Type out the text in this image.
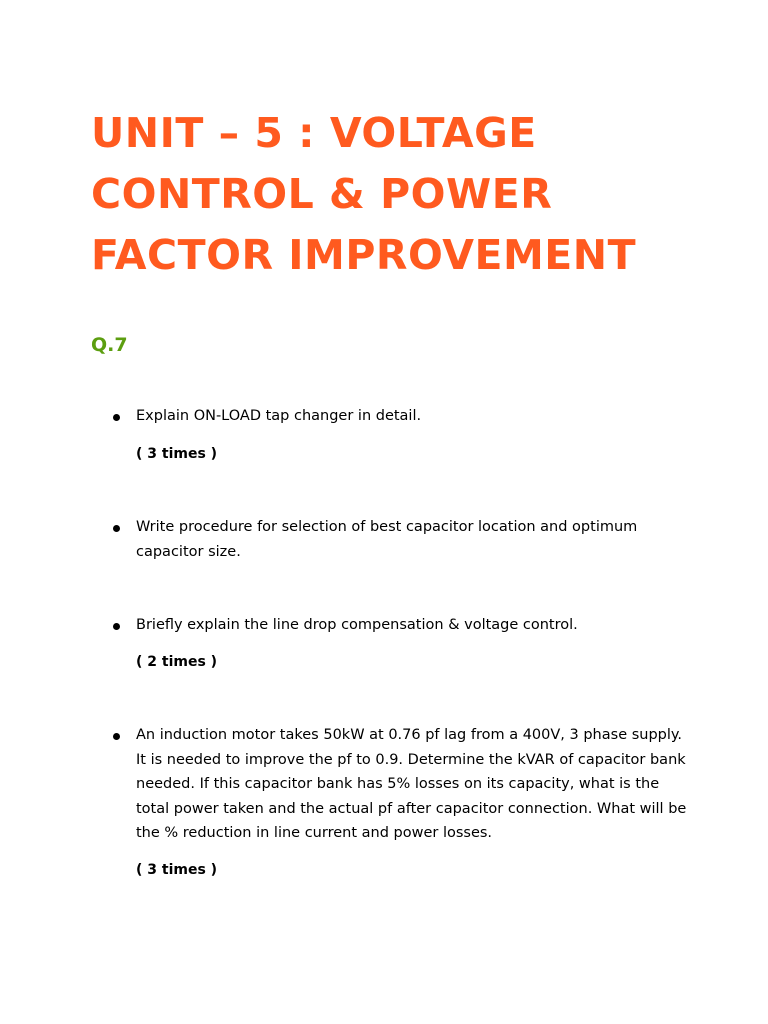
UNIT – 5 : VOLTAGE
CONTROL & POWER
FACTOR IMPROVEMENT
Q.7
Explain ON-LOAD tap changer in detail.
( 3 times )
Write procedure for selection of best capacitor location and optimum capacitor size.
Briefly explain the line drop compensation & voltage control.
( 2 times )
An induction motor takes 50kW at 0.76 pf lag from a 400V, 3 phase supply. It is needed to improve the pf to 0.9. Determine the kVAR of capacitor bank needed. If this capacitor bank has 5% losses on its capacity, what is the total power taken and the actual pf after capacitor connection. What will be the % reduction in line current and power losses.
( 3 times )
